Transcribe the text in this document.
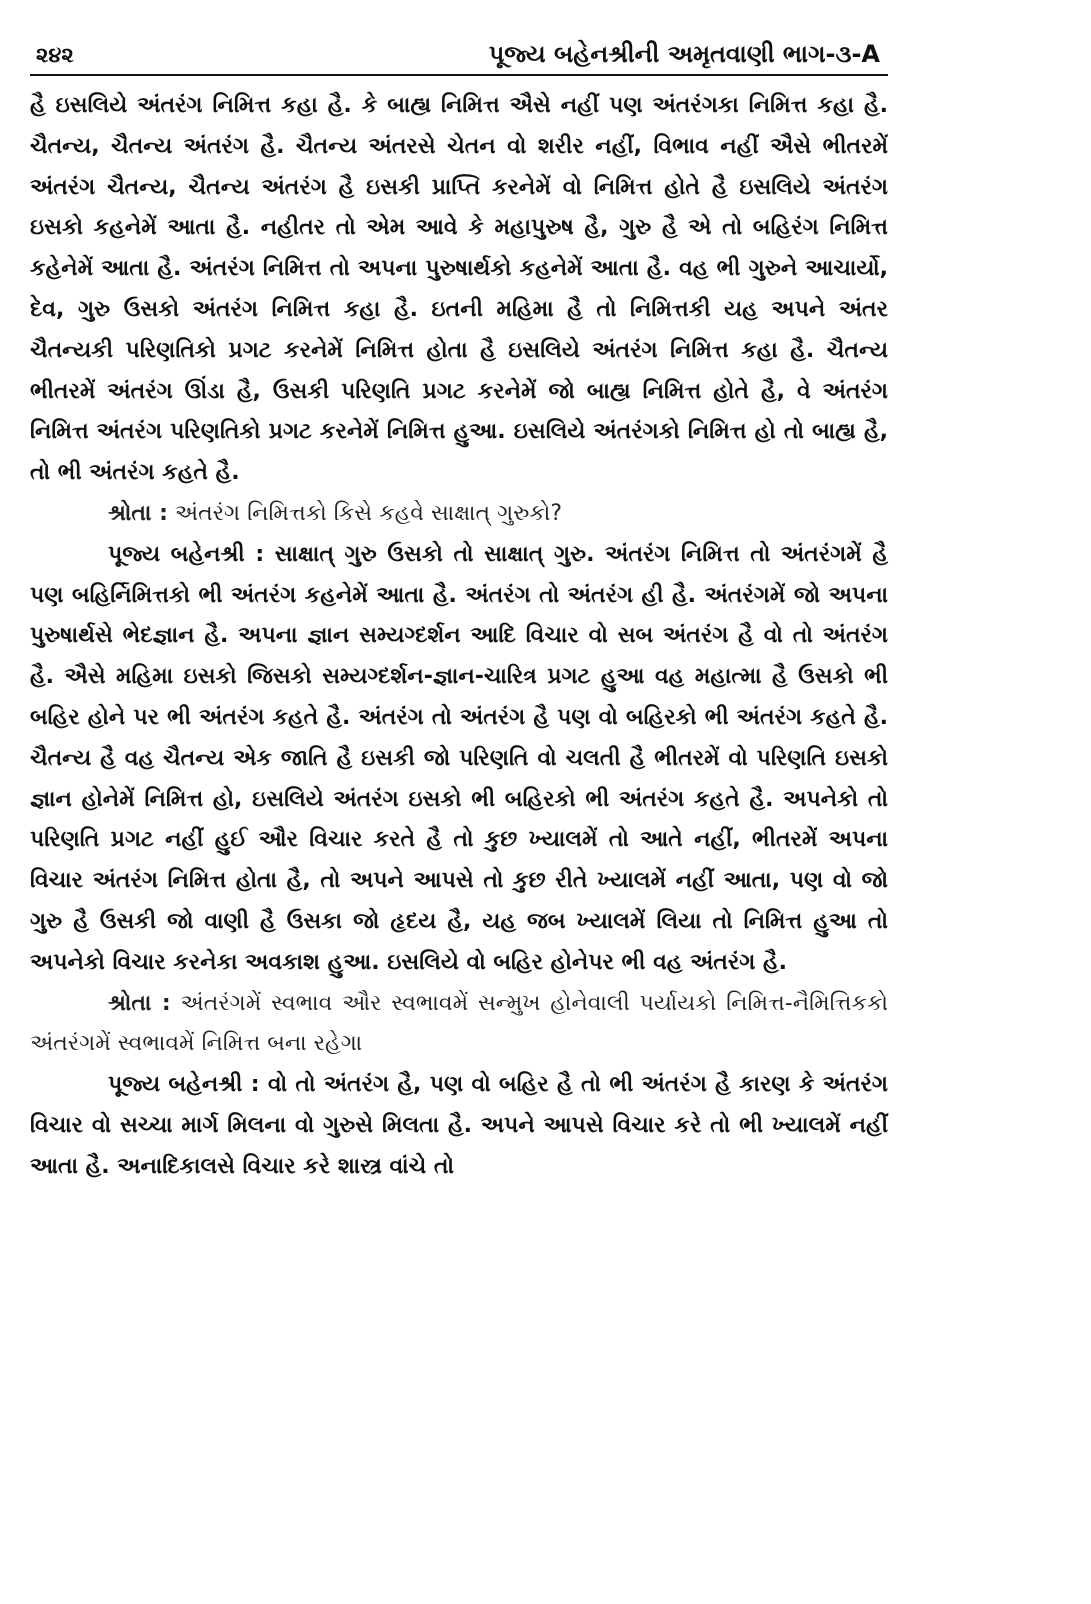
૨૪૨	પૂજ્ય બહેનશ્રીની અમૃતવાણી ભાગ-૩-A

હૈ ઇસલિયે અંતરંગ નિમિત્ત કહા હૈ. કે બાહ્ય નિમિત્ત ઐસે નહીં પણ અંતરંગકા નિમિત્ત કહા હૈ. ચૈતન્ય, ચૈતન્ય અંતરંગ હૈ. ચૈતન્ય અંતરસે ચેતન વો શરીર નહીં, વિભાવ નહીં ઐસે ભીતરમેં અંતરંગ ચૈતન્ય, ચૈતન્ય અંતરંગ હૈ ઇસકી પ્રાપ્તિ કરનેમેં વો નિમિત્ત હોતે હૈ ઇસલિયે અંતરંગ ઇસકો કહનેમેં આતા હૈ. નહીતર તો એમ આવે કે મહાપુરુષ હૈ, ગુરુ હૈ એ તો બહિરંગ નિમિત્ત કહેનેમેં આતા હૈ. અંતરંગ નિમિત્ત તો અપના પુરુષાર્થકો કહનેમેં આતા હૈ. વહ ભી ગુરુને આચાર્યો, દેવ, ગુરુ ઉસકો અંતરંગ નિમિત્ત કહા હૈ. ઇતની મહિમા હૈ તો નિમિત્તકી યહ અપને અંતર ચૈતન્યકી પરિણતિકો પ્રગટ કરનેમેં નિમિત્ત હોતા હૈ ઇસલિયે અંતરંગ નિમિત્ત કહા હૈ. ચૈતન્ય ભીતરમેં અંતરંગ ઊંડા હૈ, ઉસકી પરિણતિ પ્રગટ કરનેમેં જો બાહ્ય નિમિત્ત હોતે હૈ, વે અંતરંગ નિમિત્ત અંતરંગ પરિણતિકો પ્રગટ કરનેમેં નિમિત્ત હુઆ. ઇસલિયે અંતરંગકો નિમિત્ત હો તો બાહ્ય હૈ, તો ભી અંતરંગ કહતે હૈ.

શ્રોતા : અંતરંગ નિમિત્તકો કિસે કહવે સાક્ષાત્ ગુરુકો?

પૂજ્ય બહેનશ્રી : સાક્ષાત્ ગુરુ ઉસકો તો સાક્ષાત્ ગુરુ. અંતરંગ નિમિત્ત તો અંતરંગમેં હૈ પણ બહિર્નિમિત્તકો ભી અંતરંગ કહનેમેં આતા હૈ. અંતરંગ તો અંતરંગ હી હૈ. અંતરંગમેં જો અપના પુરુષાર્થસે ભેદજ્ઞાન હૈ. અપના જ્ઞાન સમ્યગ્દર્શન આદિ વિચાર વો સબ અંતરંગ હૈ વો તો અંતરંગ હૈ. ઐસે મહિમા ઇસકો જિસકો સમ્યગ્દર્શન-જ્ઞાન-ચારિત્ર પ્રગટ હુઆ વહ મહાત્મા હૈ ઉસકો ભી બહિર હોને પર ભી અંતરંગ કહતે હૈ. અંતરંગ તો અંતરંગ હૈ પણ વો બહિરકો ભી અંતરંગ કહતે હૈ. ચૈતન્ય હૈ વહ ચૈતન્ય એક જાતિ હૈ ઇસકી જો પરિણતિ વો ચલતી હૈ ભીતરમેં વો પરિણતિ ઇસકો જ્ઞાન હોનેમેં નિમિત્ત હો, ઇસલિયે અંતરંગ ઇસકો ભી બહિરકો ભી અંતરંગ કહતે હૈ. અપનેકો તો પરિણતિ પ્રગટ નહીં હુઈ ઔર વિચાર કરતે હૈ તો કુછ ખ્યાલમેં તો આતે નહીં, ભીતરમેં અપના વિચાર અંતરંગ નિમિત્ત હોતા હૈ, તો અપને આપસે તો કુછ રીતે ખ્યાલમેં નહીં આતા, પણ વો જો ગુરુ હૈ ઉસકી જો વાણી હૈ ઉસકા જો હૃદય હૈ, યહ જબ ખ્યાલમેં લિયા તો નિમિત્ત હુઆ તો અપનેકો વિચાર કરનેકા અવકાશ હુઆ. ઇસલિયે વો બહિર હોનેપર ભી વહ અંતરંગ હૈ.

શ્રોતા : અંતરંગમેં સ્વભાવ ઔર સ્વભાવમેં સન્મુખ હોનેવાલી પર્યાયકો નિમિત્ત-નૈમિત્તિકકો અંતરંગમેં સ્વભાવમેં નિમિત્ત બના રહેગા

પૂજ્ય બહેનશ્રી : વો તો અંતરંગ હૈ, પણ વો બહિર હૈ તો ભી અંતરંગ હૈ કારણ કે અંતરંગ વિચાર વો સચ્ચા માર્ગ મિલના વો ગુરુસે મિલતા હૈ. અપને આપસે વિચાર કરે તો ભી ખ્યાલમેં નહીં આતા હૈ. અનાદિકાલસે વિચાર કરે શાસ્ત્ર વાંચે તો
